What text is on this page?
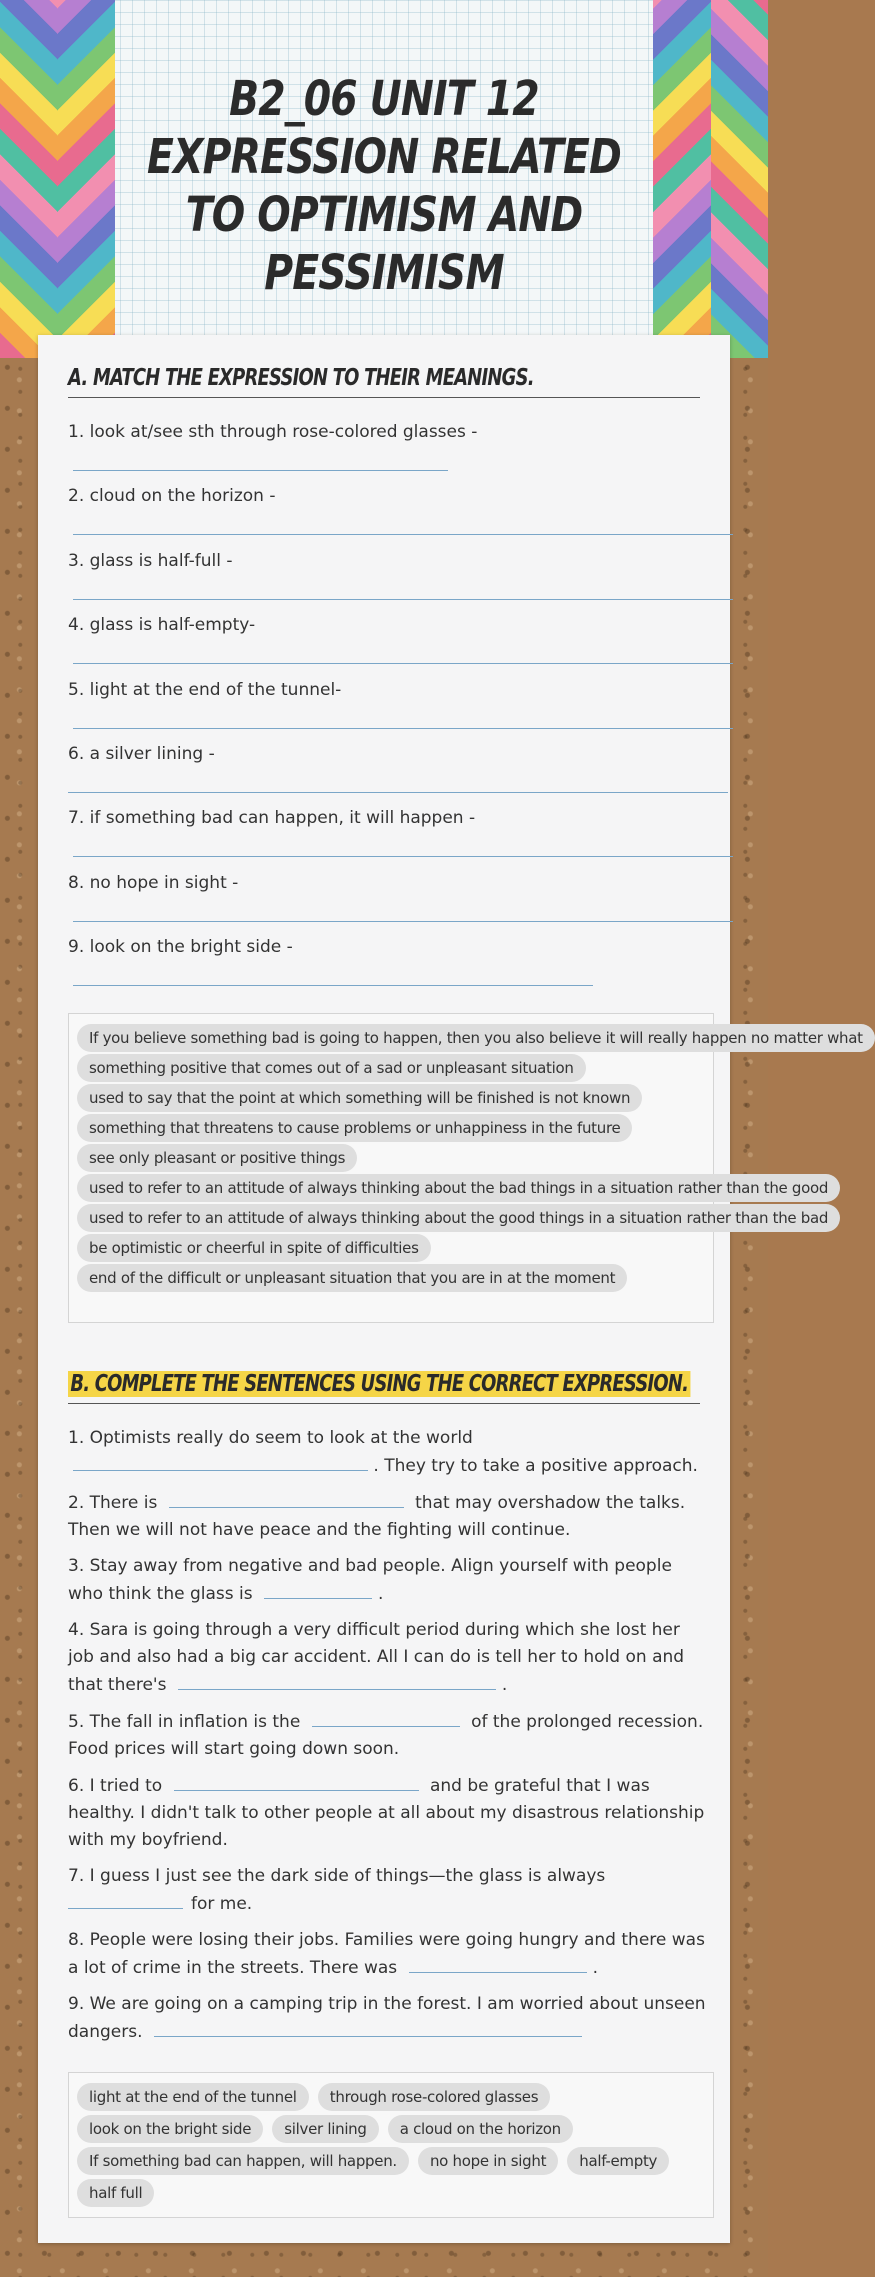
B2_06 UNIT 12 EXPRESSION RELATED TO OPTIMISM AND PESSIMISM
A. MATCH THE EXPRESSION TO THEIR MEANINGS.
1. look at/see sth through rose-colored glasses -
2. cloud on the horizon -
3. glass is half-full -
4. glass is half-empty-
5. light at the end of the tunnel-
6. a silver lining -
7. if something bad can happen, it will happen -
8. no hope in sight -
9. look on the bright side -
If you believe something bad is going to happen, then you also believe it will really happen no matter what
something positive that comes out of a sad or unpleasant situation
used to say that the point at which something will be finished is not known
something that threatens to cause problems or unhappiness in the future
see only pleasant or positive things
used to refer to an attitude of always thinking about the bad things in a situation rather than the good
used to refer to an attitude of always thinking about the good things in a situation rather than the bad
be optimistic or cheerful in spite of difficulties
end of the difficult or unpleasant situation that you are in at the moment
B. COMPLETE THE SENTENCES USING THE CORRECT EXPRESSION.

1. Optimists really do seem to look at the world
. They try to take a positive approach.

2. There is	that may overshadow the talks. Then we will not have peace and the fighting will continue.

3. Stay away from negative and bad people. Align yourself with people who think the glass is	.

4. Sara is going through a very difficult period during which she lost her job and also had a big car accident. All I can do is tell her to hold on and that there's	.

5. The fall in inflation is the	of the prolonged recession. Food prices will start going down soon.

6. I tried to	and be grateful that I was healthy. I didn't talk to other people at all about my disastrous relationship with my boyfriend.

7. I guess I just see the dark side of things—the glass is always
for me.

8. People were losing their jobs. Families were going hungry and there was a lot of crime in the streets. There was	.

9. We are going on a camping trip in the forest. I am worried about unseen dangers.

light at the end of the tunnel through rose-colored glasses look on the bright side silver lining a cloud on the horizon If something bad can happen, will happen. no hope in sight half-empty half full
